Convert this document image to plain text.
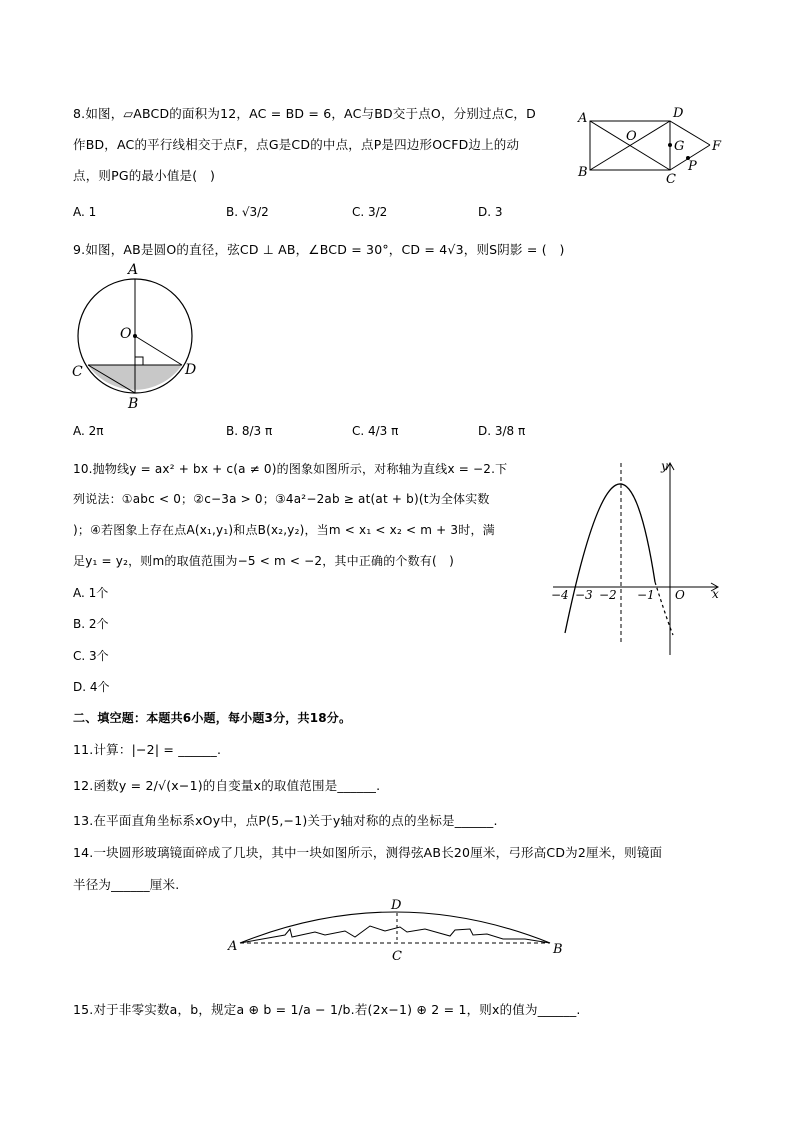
8.如图，▱ABCD的面积为12，AC = BD = 6，AC与BD交于点O，分别过点C，D
作BD，AC的平行线相交于点F，点G是CD的中点，点P是四边形OCFD边上的动
点，则PG的最小值是(　)
A. 1	B. √3/2	C. 3/2	D. 3
A	D
O
G F
B	C
P
9.如图，AB是圆O的直径，弦CD ⊥ AB，∠BCD = 30°，CD = 4√3，则S阴影 = (　)
A
O
C	D
B
A. 2π	B. 8/3 π	C. 4/3 π	D. 3/8 π
10.抛物线y = ax² + bx + c(a ≠ 0)的图象如图所示，对称轴为直线x = −2.下
列说法：①abc < 0；②c−3a > 0；③4a²−2ab ≥ at(at + b)(t为全体实数
)；④若图象上存在点A(x₁,y₁)和点B(x₂,y₂)，当m < x₁ < x₂ < m + 3时，满
足y₁ = y₂，则m的取值范围为−5 < m < −2，其中正确的个数有(　)
A. 1个
B. 2个
C. 3个
D. 4个
y
x
O
−4 −3 −2 −1
二、填空题：本题共6小题，每小题3分，共18分。
11.计算：|−2| = ______.
12.函数y = 2/√(x−1)的自变量x的取值范围是______.
13.在平面直角坐标系xOy中，点P(5,−1)关于y轴对称的点的坐标是______.
14.一块圆形玻璃镜面碎成了几块，其中一块如图所示，测得弦AB长20厘米，弓形高CD为2厘米，则镜面
半径为______厘米.
D
A
C	B
15.对于非零实数a，b，规定a ⊕ b = 1/a − 1/b.若(2x−1) ⊕ 2 = 1，则x的值为______.
